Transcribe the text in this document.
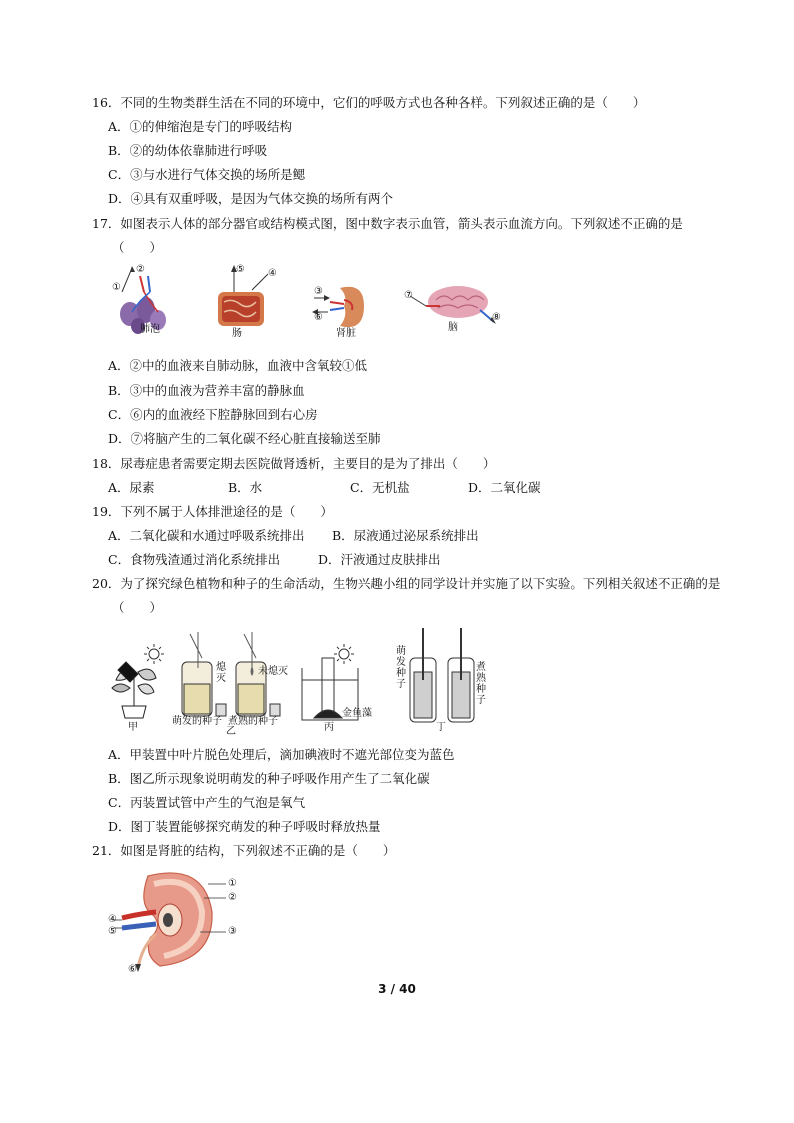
16．不同的生物类群生活在不同的环境中，它们的呼吸方式也各种各样。下列叙述正确的是（　　）
A．①的伸缩泡是专门的呼吸结构
B．②的幼体依靠肺进行呼吸
C．③与水进行气体交换的场所是鳃
D．④具有双重呼吸，是因为气体交换的场所有两个
17．如图表示人体的部分器官或结构模式图，图中数字表示血管，箭头表示血流方向。下列叙述不正确的是
（　　）
①
②
肺泡
⑤ ④
肠
③
⑥
肾脏
⑦
⑧
脑
A．②中的血液来自肺动脉，血液中含氧较①低
B．③中的血液为营养丰富的静脉血
C．⑥内的血液经下腔静脉回到右心房
D．⑦将脑产生的二氧化碳不经心脏直接输送至肺
18．尿毒症患者需要定期去医院做肾透析，主要目的是为了排出（　　）
A．尿素	B．水	C．无机盐	D．二氧化碳
19．下列不属于人体排泄途径的是（　　）
A．二氧化碳和水通过呼吸系统排出 B．尿液通过泌尿系统排出
C．食物残渣通过消化系统排出	D．汗液通过皮肤排出
20．为了探究绿色植物和种子的生命活动，生物兴趣小组的同学设计并实施了以下实验。下列相关叙述不正确的是
（　　）
熄灭
未熄灭
萌发的种子 煮熟的种子
金鱼藻
萌发种子
煮熟种子
甲	乙	丙	丁
A．甲装置中叶片脱色处理后，滴加碘液时不遮光部位变为蓝色
B．图乙所示现象说明萌发的种子呼吸作用产生了二氧化碳
C．丙装置试管中产生的气泡是氧气
D．图丁装置能够探究萌发的种子呼吸时释放热量
21．如图是肾脏的结构，下列叙述不正确的是（　　）
①
②
③
④
⑤
⑥
3 / 40
